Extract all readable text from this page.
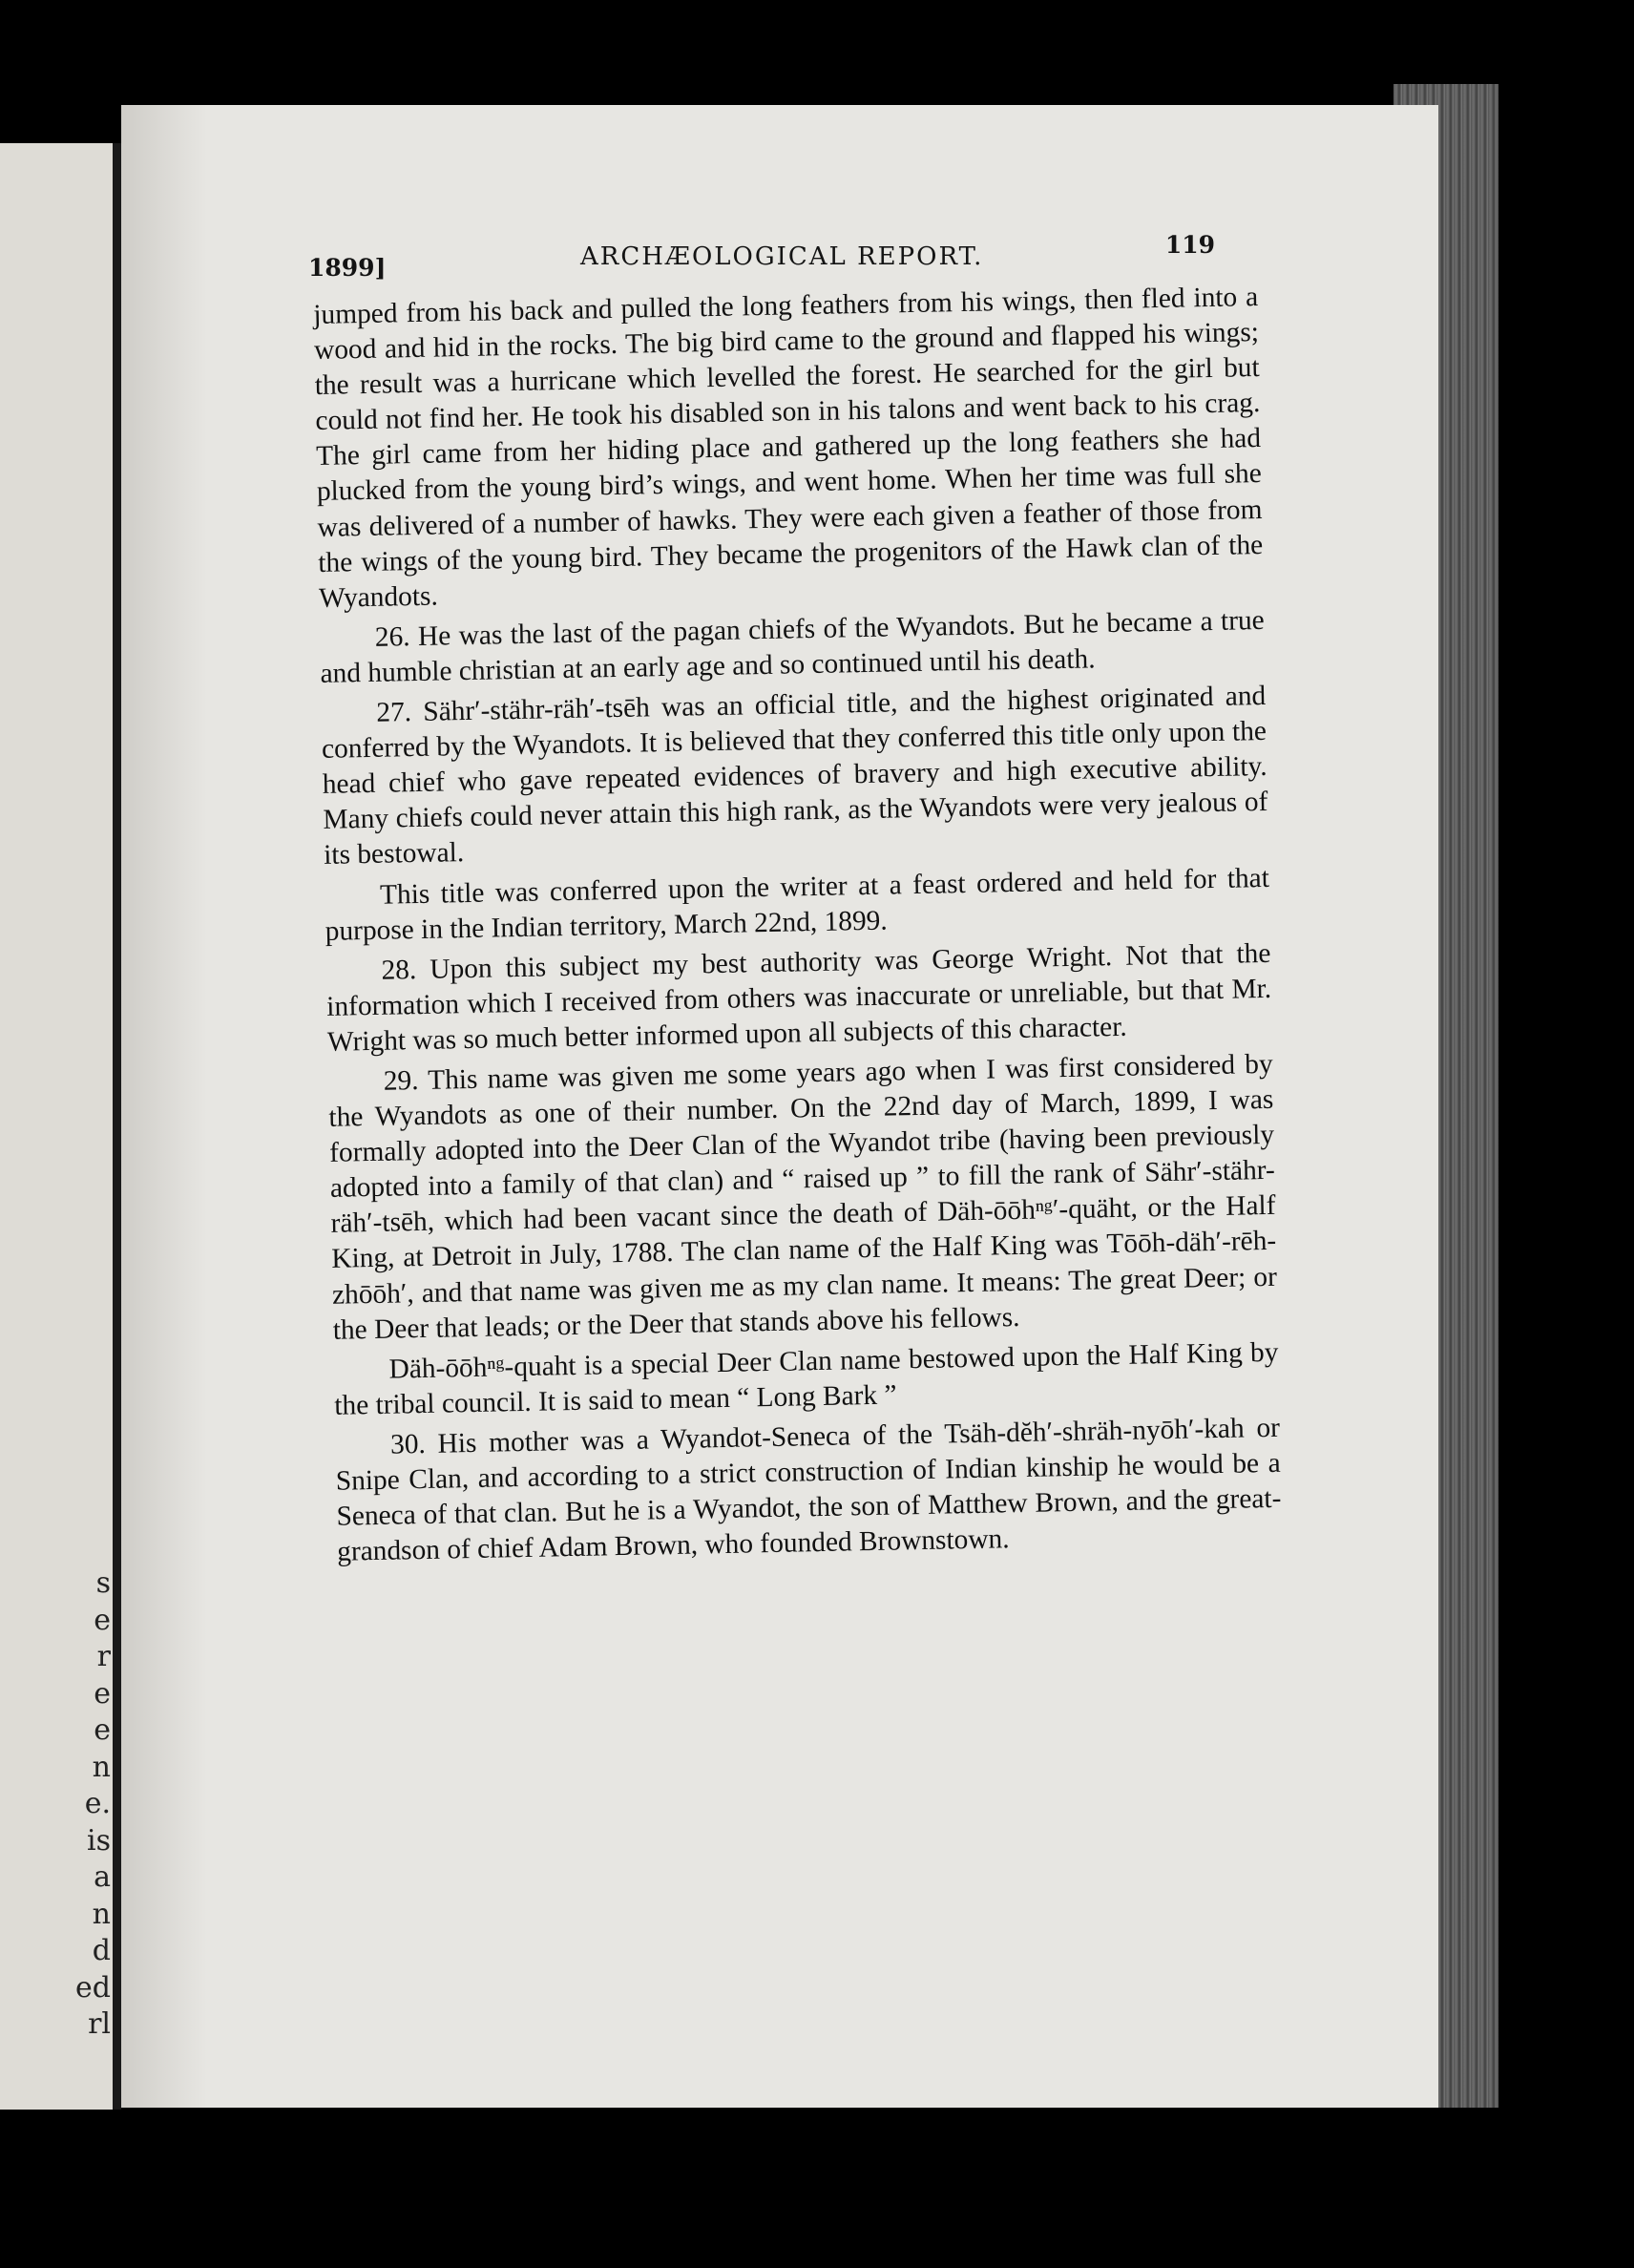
s
e
r
e
e
n
e.
is
a
n
d
ed
rl
1899]	ARCHÆOLOGICAL REPORT.	119

jumped from his back and pulled the long feathers from his wings, then fled into a wood and hid in the rocks. The big bird came to the ground and flapped his wings; the result was a hurricane which levelled the forest. He searched for the girl but could not find her. He took his disabled son in his talons and went back to his crag. The girl came from her hiding place and gathered up the long feathers she had plucked from the young bird’s wings, and went home. When her time was full she was delivered of a number of hawks. They were each given a feather of those from the wings of the young bird. They became the progenitors of the Hawk clan of the Wyandots.

26. He was the last of the pagan chiefs of the Wyandots. But he became a true and humble christian at an early age and so continued until his death.

27. Sähr′-stähr-räh′-tsēh was an official title, and the highest originated and conferred by the Wyandots. It is believed that they conferred this title only upon the head chief who gave repeated evidences of bravery and high executive ability. Many chiefs could never attain this high rank, as the Wyandots were very jealous of its bestowal.

This title was conferred upon the writer at a feast ordered and held for that purpose in the Indian territory, March 22nd, 1899.

28. Upon this subject my best authority was George Wright. Not that the information which I received from others was inaccurate or unreliable, but that Mr. Wright was so much better informed upon all subjects of this character.

29. This name was given me some years ago when I was first considered by the Wyandots as one of their number. On the 22nd day of March, 1899, I was formally adopted into the Deer Clan of the Wyandot tribe (having been previously adopted into a family of that clan) and “ raised up ” to fill the rank of Sähr′-stähr-räh′-tsēh, which had been vacant since the death of Däh-ōōhⁿᵍ′-quäht, or the Half King, at Detroit in July, 1788. The clan name of the Half King was Tōōh-däh′-rēh-zhōōh′, and that name was given me as my clan name. It means: The great Deer; or the Deer that leads; or the Deer that stands above his fellows.

Däh-ōōhⁿᵍ-quaht is a special Deer Clan name bestowed upon the Half King by the tribal council. It is said to mean “ Long Bark ”

30. His mother was a Wyandot-Seneca of the Tsäh-dĕh′-shräh-nyōh′-kah or Snipe Clan, and according to a strict construction of Indian kinship he would be a Seneca of that clan. But he is a Wyandot, the son of Matthew Brown, and the great-grandson of chief Adam Brown, who founded Brownstown.
